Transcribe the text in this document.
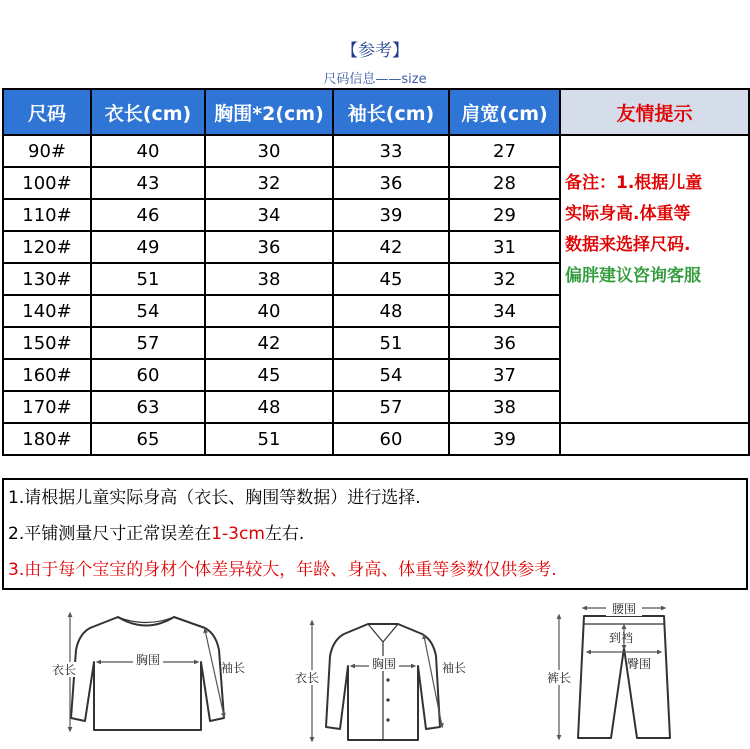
【参考】
尺码信息——size
尺码	衣长(cm)	胸围*2(cm)	袖长(cm)	肩宽(cm)	友情提示
90#	40	30	33	27	备注：1.根据儿童
实际身高.体重等
数据来选择尺码.
偏胖建议咨询客服

100#	43	32	36	28	
110#	46	34	39	29	
120#	49	36	42	31	
130#	51	38	45	32	
140#	54	40	48	34	
150#	57	42	51	36	
160#	60	45	54	37	
170#	63	48	57	38	
180#	65	51	60	39	
1.请根据儿童实际身高（衣长、胸围等数据）进行选择.
2.平铺测量尺寸正常误差在1-3cm左右.
3.由于每个宝宝的身材个体差异较大，年龄、身高、体重等参数仅供参考.
衣长
胸围
袖长
衣长
胸围	袖长
腰围
到裆
臀围
裤长
